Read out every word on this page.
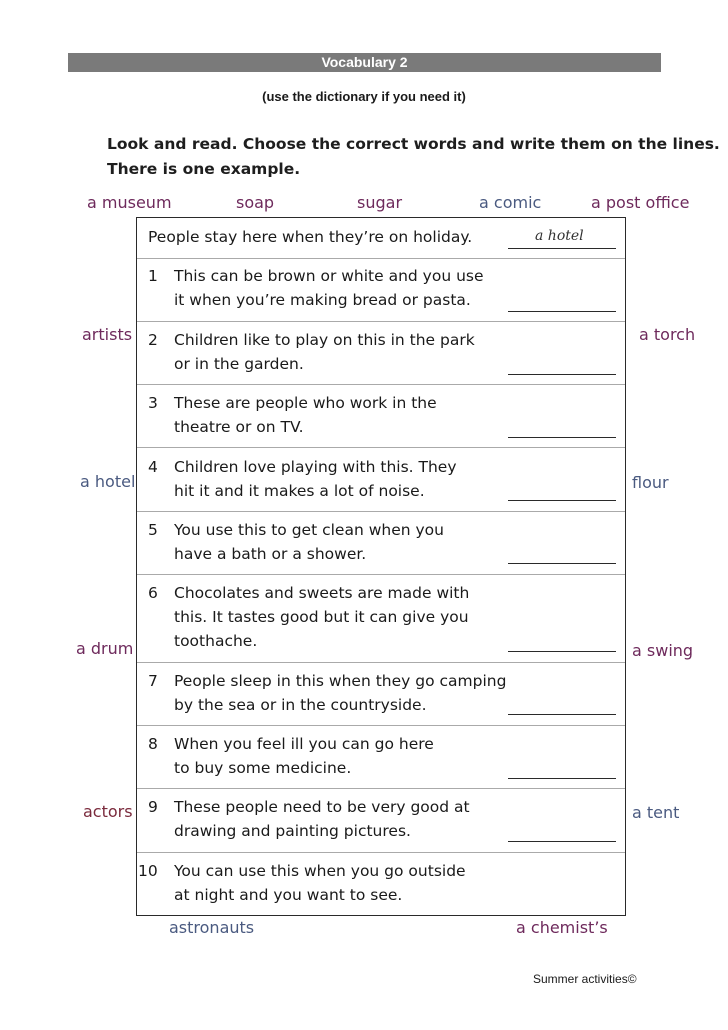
Vocabulary 2
(use the dictionary if you need it)
Look and read. Choose the correct words and write them on the lines.
There is one example.
a museum	soap	sugar	a comic	a post office
artists
a hotel
a drum
actors
a torch
flour
a swing
a tent
astronauts	a chemist’s
People stay here when they’re on holiday.	a hotel
1 This can be brown or white and you use
it when you’re making bread or pasta.
2 Children like to play on this in the park
or in the garden.
3 These are people who work in the
theatre or on TV.
4 Children love playing with this. They
hit it and it makes a lot of noise.
5 You use this to get clean when you
have a bath or a shower.
6 Chocolates and sweets are made with
this. It tastes good but it can give you
toothache.
7 People sleep in this when they go camping
by the sea or in the countryside.
8 When you feel ill you can go here
to buy some medicine.
9 These people need to be very good at
drawing and painting pictures.
10 You can use this when you go outside
at night and you want to see.
Summer activities©
